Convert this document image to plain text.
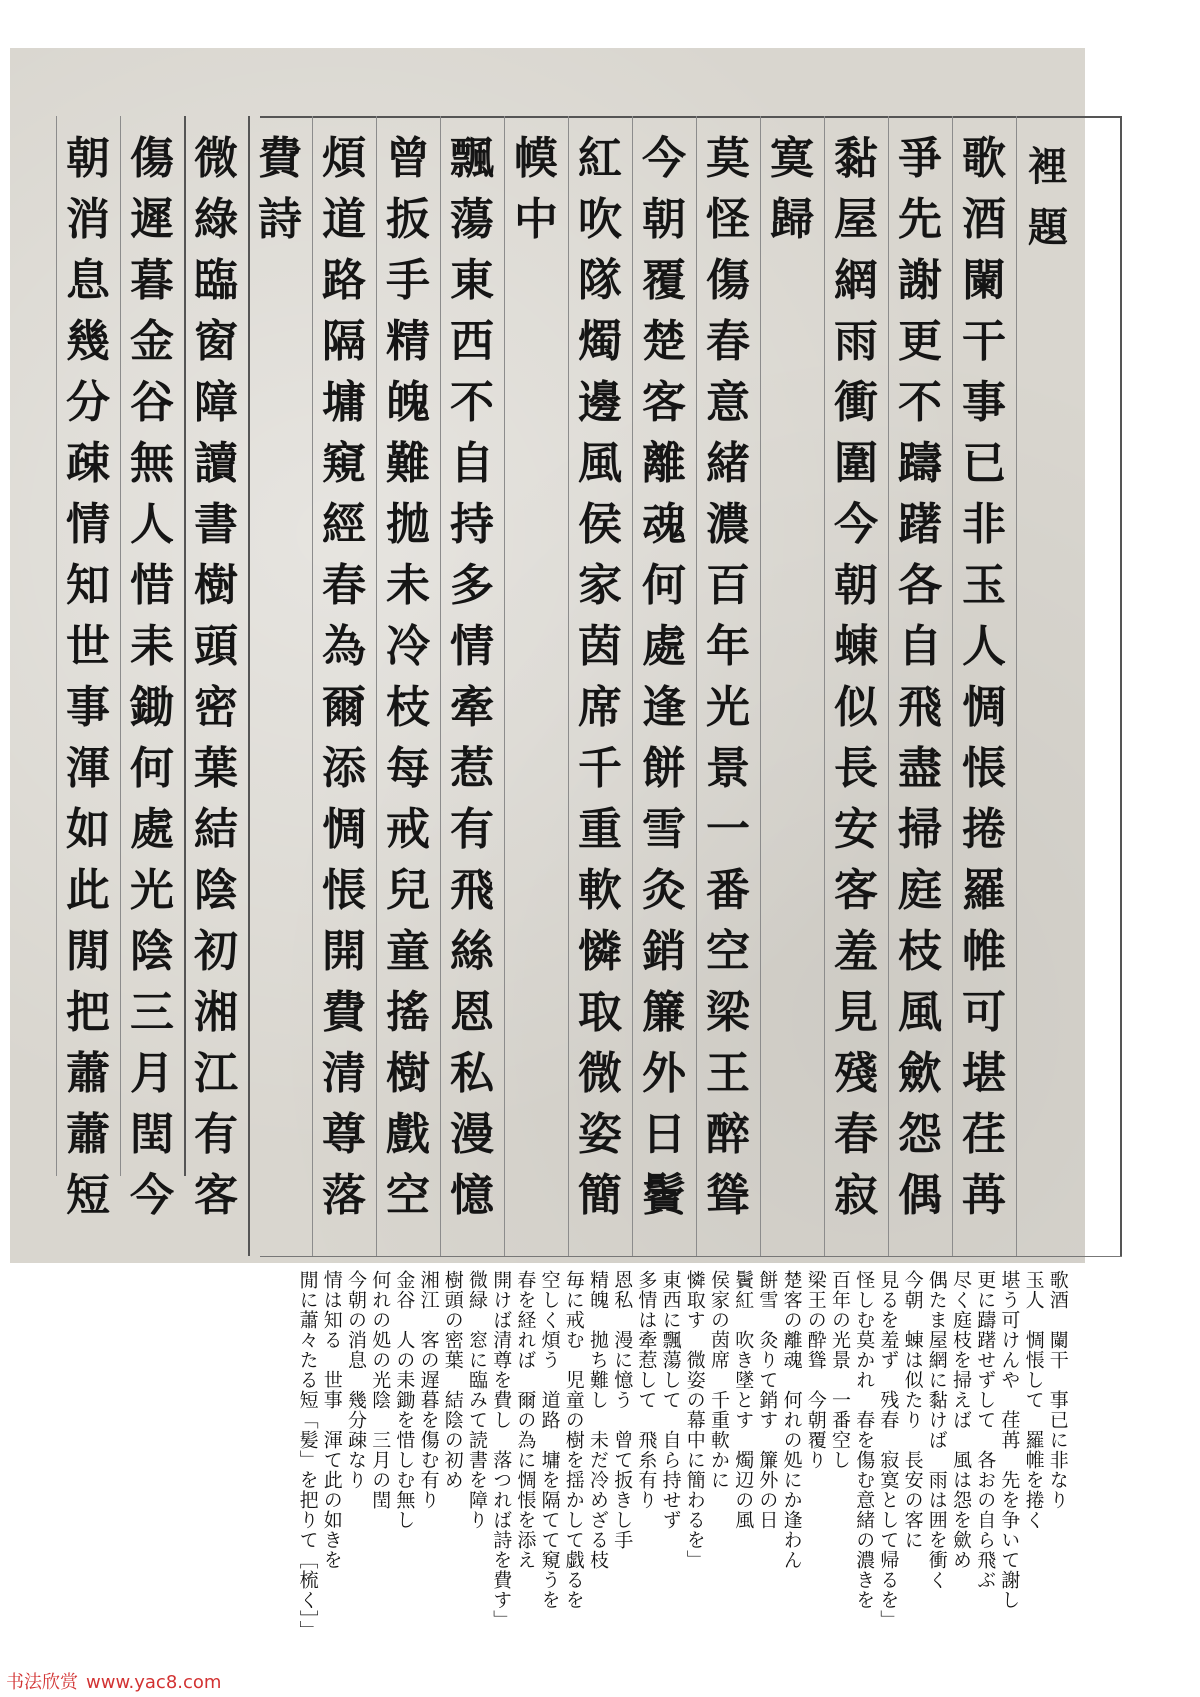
裡
題
歌
酒
闌
干
事
已
非
玉
人
惆
悵
捲
羅
帷
可
堪
荏
苒
爭
先
謝
更
不
躊
躇
各
自
飛
盡
掃
庭
枝
風
歛
怨
偶
黏
屋
網
雨
衝
圍
今
朝
蝀
似
長
安
客
羞
見
殘
春
寂
寞
歸
莫
怪
傷
春
意
緒
濃
百
年
光
景
一
番
空
梁
王
醉
聳
今
朝
覆
楚
客
離
魂
何
處
逢
餅
雪
灸
銷
簾
外
日
鬢
紅
吹
隊
燭
邊
風
侯
家
茵
席
千
重
軟
憐
取
微
姿
簡
幙
中
飄
蕩
東
西
不
自
持
多
情
牽
惹
有
飛
絲
恩
私
漫
憶
曾
扳
手
精
魄
難
拋
未
冷
枝
每
戒
兒
童
搖
樹
戲
空
煩
道
路
隔
墉
窺
經
春
為
爾
添
惆
悵
開
費
清
尊
落
費
詩
微
綠
臨
窗
障
讀
書
樹
頭
密
葉
結
陰
初
湘
江
有
客
傷
遲
暮
金
谷
無
人
惜
耒
鋤
何
處
光
陰
三
月
閏
今
朝
消
息
幾
分
疎
情
知
世
事
渾
如
此
閒
把
蕭
蕭
短
歌酒　闌干　事已に非なり
玉人　惆悵して　羅帷を捲く
堪う可けんや　荏苒　先を争いて謝し
更に躊躇せずして　各おの自ら飛ぶ
尽く庭枝を掃えば　風は怨を歛め
偶たま屋網に黏けば　雨は囲を衝く
今朝　蝀は似たり　長安の客に
見るを羞ず　残春　寂寞として帰るを」
怪しむ莫かれ　春を傷む意緒の濃きを
百年の光景　一番空し
梁王の酔聳　今朝覆り
楚客の離魂　何れの処にか逢わん
餅雪　灸りて銷す　簾外の日
鬢紅　吹き墜とす　燭辺の風
侯家の茵席　千重軟かに
憐取す　微姿の幕中に簡わるを」
東西に飄蕩して　自ら持せず
多情は牽惹して　飛糸有り
恩私　漫に憶う　曾て扳きし手
精魄　拋ち難し　未だ冷めざる枝
毎に戒む　児童の樹を揺かして戯るを
空しく煩う　道路　墉を隔てて窺うを
春を経れば　爾の為に惆悵を添え
開けば清尊を費し　落つれば詩を費す」
微緑　窓に臨みて読書を障り
樹頭の密葉　結陰の初め
湘江　客の遅暮を傷む有り
金谷　人の耒鋤を惜しむ無し
何れの処の光陰　三月の閏
今朝の消息　幾分疎なり
情は知る　世事　渾て此の如きを
閒に蕭々たる短「髪」を把りて［梳く］」
书法欣赏 www.yac8.com
